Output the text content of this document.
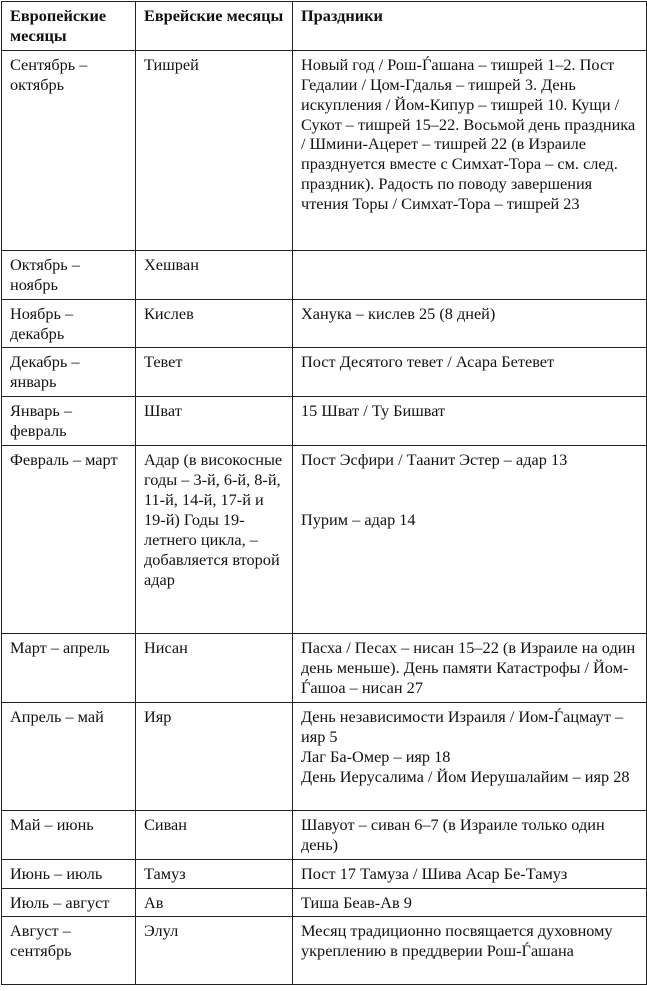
Европейские месяцы	Еврейские месяцы	Праздники
Сентябрь – октябрь	Тишрей	Новый год / Рош-Ѓашана – тишрей 1–2. Пост Гедалии / Цом-Гдалья – тишрей 3. День искупления / Йом-Кипур – тишрей 10. Кущи / Сукот – тишрей 15–22. Восьмой день праздника / Шмини-Ацерет – тишрей 22 (в Израиле празднуется вместе с Симхат-Тора – см. след. праздник). Радость по поводу завершения чтения Торы / Симхат-Тора – тишрей 23

Октябрь – ноябрь	Хешван	

Ноябрь – декабрь	Кислев	Ханука – кислев 25 (8 дней)

Декабрь – январь	Тевет	Пост Десятого тевет / Асара Бетевет

Январь – февраль	Шват	15 Шват / Ту Бишват

Февраль – март	Адар (в високосные годы – 3-й, 6-й, 8-й, 11-й, 14-й, 17-й и 19-й) Годы 19-летнего цикла, – добавляется второй адар	Пост Эсфири / Таанит Эстер – адар 13
Пурим – адар 14

Март – апрель	Нисан	Пасха / Песах – нисан 15–22 (в Израиле на один день меньше). День памяти Катастрофы / Йом-Ѓашоа – нисан 27

Апрель – май	Ияр	День независимости Израиля / Иом-Ѓацмаут – ияр 5
Лаг Ба-Омер – ияр 18
День Иерусалима / Йом Иерушалайим – ияр 28

Май – июнь	Сиван	Шавуот – сиван 6–7 (в Израиле только один день)

Июнь – июль	Тамуз	Пост 17 Тамуза / Шива Асар Бе-Тамуз

Июль – август	Ав	Тиша Беав-Ав 9

Август – сентябрь	Элул	Месяц традиционно посвящается духовному укреплению в преддверии Рош-Ѓашана
